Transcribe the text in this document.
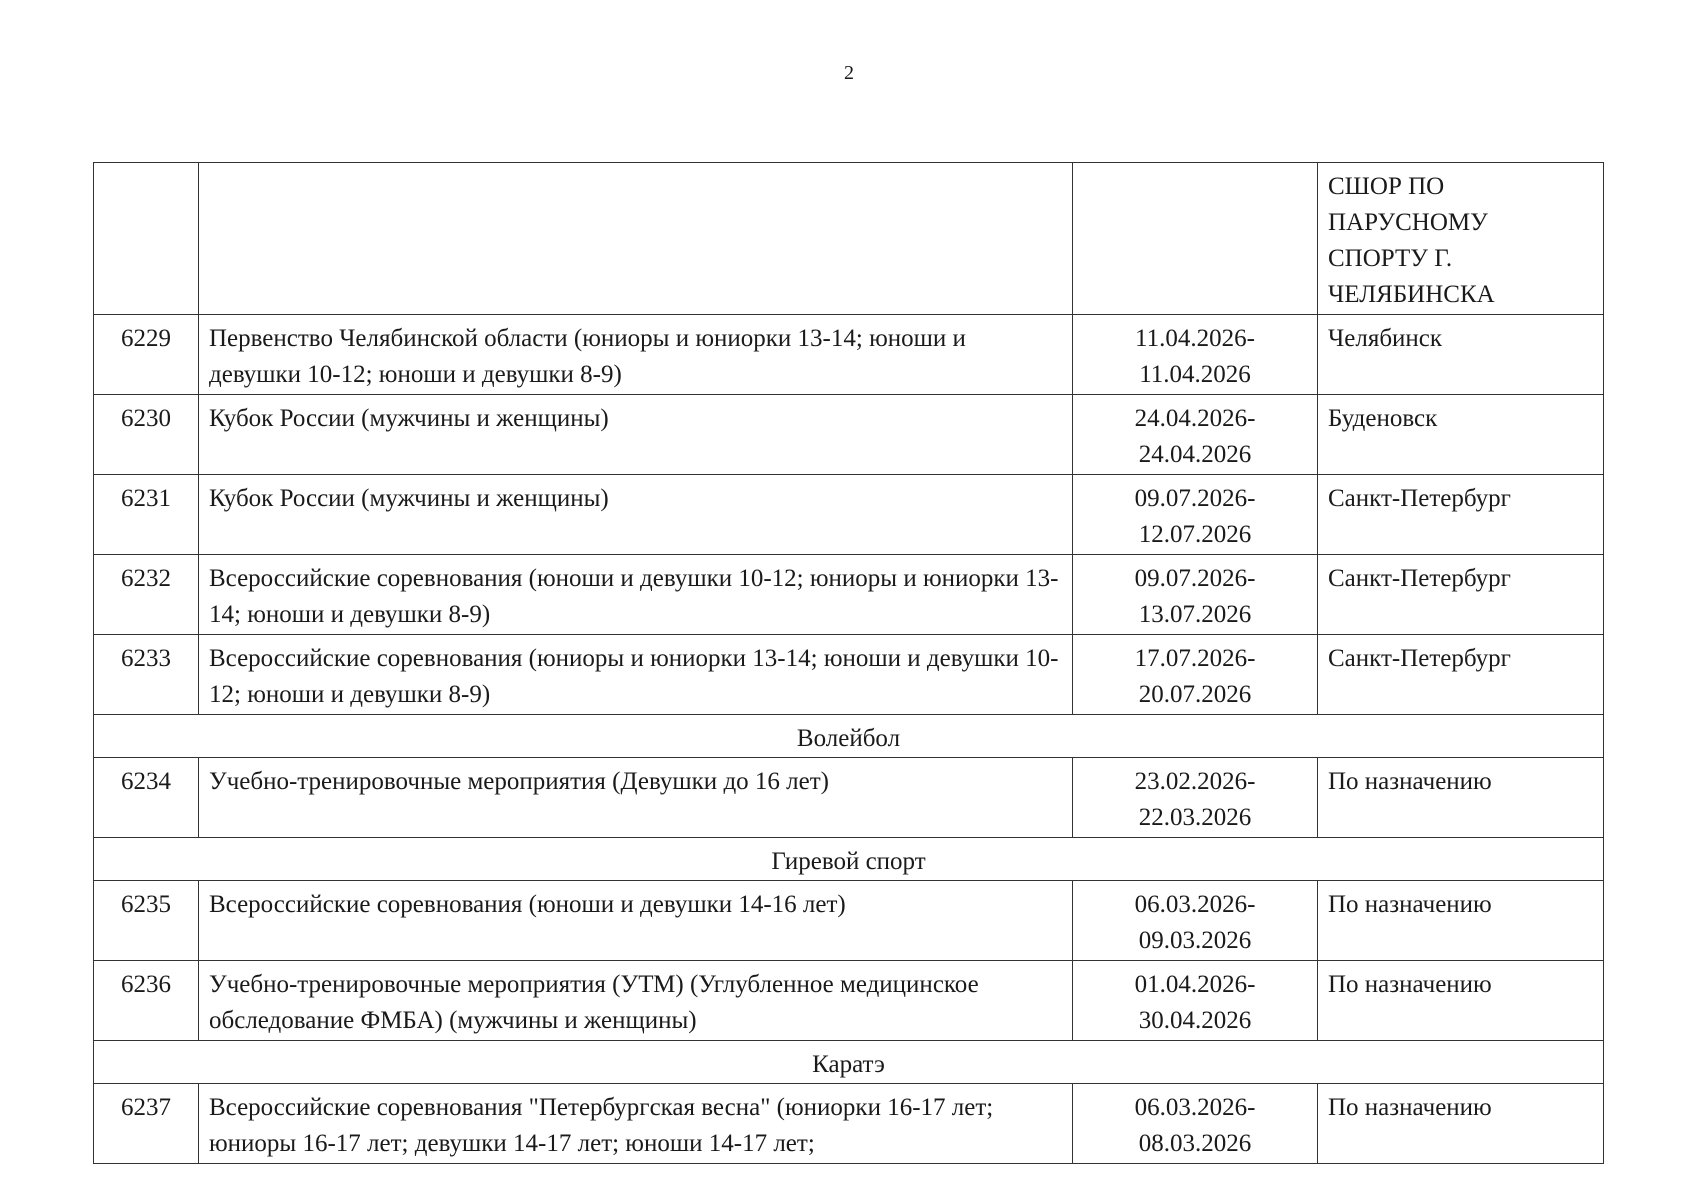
2
			СШОР ПО ПАРУСНОМУ СПОРТУ Г. ЧЕЛЯБИНСКА
6229	Первенство Челябинской области (юниоры и юниорки 13-14; юноши и девушки 10-12; юноши и девушки 8-9)	11.04.2026-11.04.2026	Челябинск
6230	Кубок России (мужчины и женщины)	24.04.2026-24.04.2026	Буденовск
6231	Кубок России (мужчины и женщины)	09.07.2026-12.07.2026	Санкт-Петербург
6232	Всероссийские соревнования (юноши и девушки 10-12; юниоры и юниорки 13-14; юноши и девушки 8-9)	09.07.2026-13.07.2026	Санкт-Петербург
6233	Всероссийские соревнования (юниоры и юниорки 13-14; юноши и девушки 10-12; юноши и девушки 8-9)	17.07.2026-20.07.2026	Санкт-Петербург
Волейбол			
6234	Учебно-тренировочные мероприятия (Девушки до 16 лет)	23.02.2026-22.03.2026	По назначению
Гиревой спорт			
6235	Всероссийские соревнования (юноши и девушки 14-16 лет)	06.03.2026-09.03.2026	По назначению
6236	Учебно-тренировочные мероприятия (УТМ) (Углубленное медицинское обследование ФМБА) (мужчины и женщины)	01.04.2026-30.04.2026	По назначению
Каратэ			
6237	Всероссийские соревнования "Петербургская весна" (юниорки 16-17 лет; юниоры 16-17 лет; девушки 14-17 лет; юноши 14-17 лет;	06.03.2026-08.03.2026	По назначению
